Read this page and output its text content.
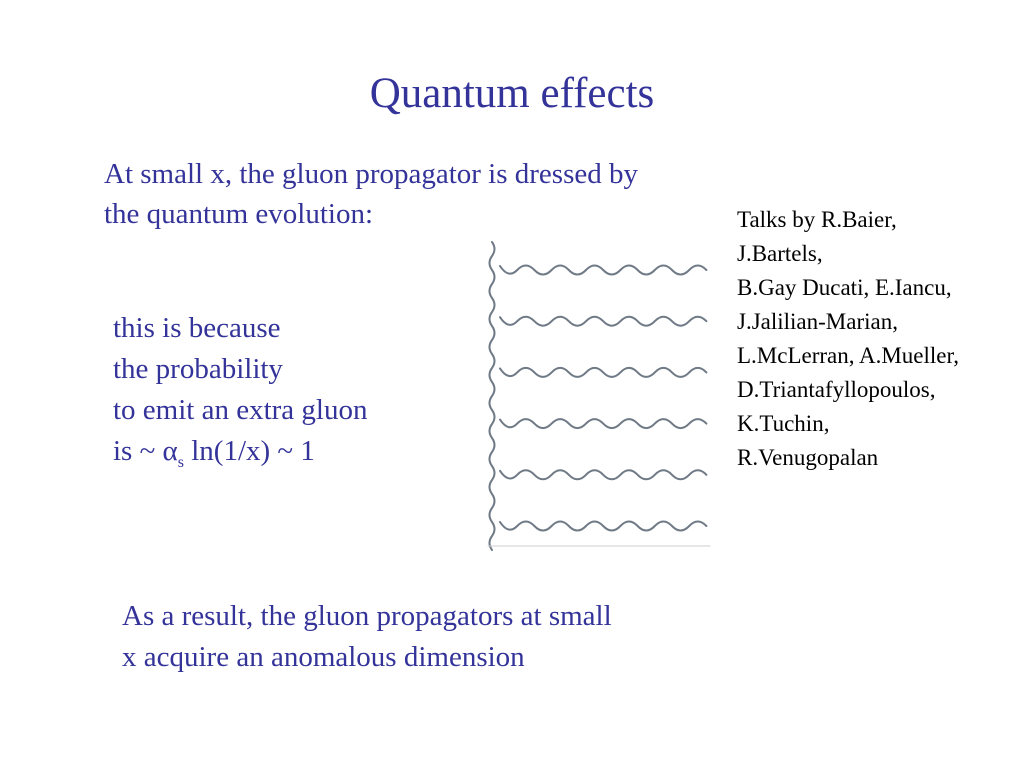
Quantum effects
At small x, the gluon propagator is dressed by
the quantum evolution:
this is because
the probability
to emit an extra gluon
is ~ $\alpha_s$ ln(1/x) ~ 1
Talks by R.Baier,
J.Bartels,
B.Gay Ducati, E.Iancu,
J.Jalilian-Marian,
L.McLerran, A.Mueller,
D.Triantafyllopoulos,
K.Tuchin,
R.Venugopalan
As a result, the gluon propagators at small
x acquire an anomalous dimension
